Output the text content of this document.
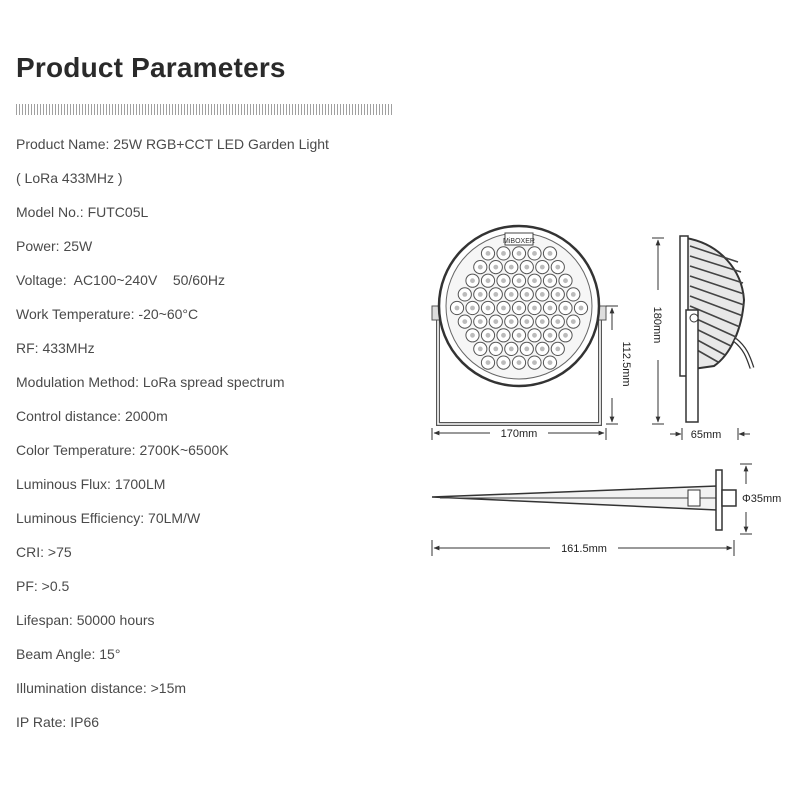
Product Parameters
Product Name: 25W RGB+CCT LED Garden Light
( LoRa 433MHz )
Model No.: FUTC05L
Power: 25W
Voltage:  AC100~240V    50/60Hz
Work Temperature: -20~60°C
RF: 433MHz
Modulation Method: LoRa spread spectrum
Control distance: 2000m
Color Temperature: 2700K~6500K
Luminous Flux: 1700LM
Luminous Efficiency: 70LM/W
CRI: >75
PF: >0.5
Lifespan: 50000 hours
Beam Angle: 15°
Illumination distance: >15m
IP Rate: IP66
MiBOXER
170mm
112.5mm
180mm
65mm
Φ35mm
161.5mm
